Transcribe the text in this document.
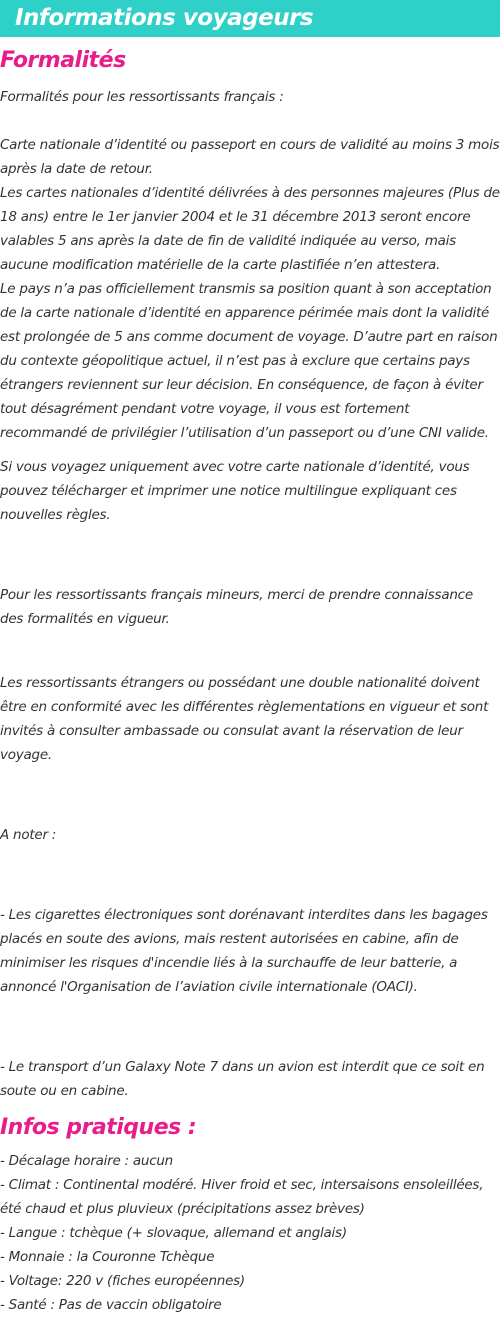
Informations voyageurs
Formalités

Formalités pour les ressortissants français :

Carte nationale d’identité ou passeport en cours de validité au moins 3 mois après la date de retour.

Les cartes nationales d’identité délivrées à des personnes majeures (Plus de 18 ans) entre le 1er janvier 2004 et le 31 décembre 2013 seront encore valables 5 ans après la date de fin de validité indiquée au verso, mais aucune modification matérielle de la carte plastifiée n’en attestera.

Le pays n’a pas officiellement transmis sa position quant à son acceptation de la carte nationale d’identité en apparence périmée mais dont la validité est prolongée de 5 ans comme document de voyage. D’autre part en raison du contexte géopolitique actuel, il n’est pas à exclure que certains pays étrangers reviennent sur leur décision. En conséquence, de façon à éviter tout désagrément pendant votre voyage, il vous est fortement recommandé de privilégier l’utilisation d’un passeport ou d’une CNI valide.

Si vous voyagez uniquement avec votre carte nationale d’identité, vous pouvez télécharger et imprimer une notice multilingue expliquant ces nouvelles règles.

Pour les ressortissants français mineurs, merci de prendre connaissance des formalités en vigueur.

Les ressortissants étrangers ou possédant une double nationalité doivent être en conformité avec les différentes règlementations en vigueur et sont invités à consulter ambassade ou consulat avant la réservation de leur voyage.

A noter :

- Les cigarettes électroniques sont dorénavant interdites dans les bagages placés en soute des avions, mais restent autorisées en cabine, afin de minimiser les risques d'incendie liés à la surchauffe de leur batterie, a annoncé l'Organisation de l’aviation civile internationale (OACI).

- Le transport d’un Galaxy Note 7 dans un avion est interdit que ce soit en soute ou en cabine.

Infos pratiques :

- Décalage horaire : aucun

- Climat : Continental modéré. Hiver froid et sec, intersaisons ensoleillées, été chaud et plus pluvieux (précipitations assez brèves)

- Langue : tchèque (+ slovaque, allemand et anglais)

- Monnaie : la Couronne Tchèque

- Voltage: 220 v (fiches européennes)

- Santé : Pas de vaccin obligatoire
